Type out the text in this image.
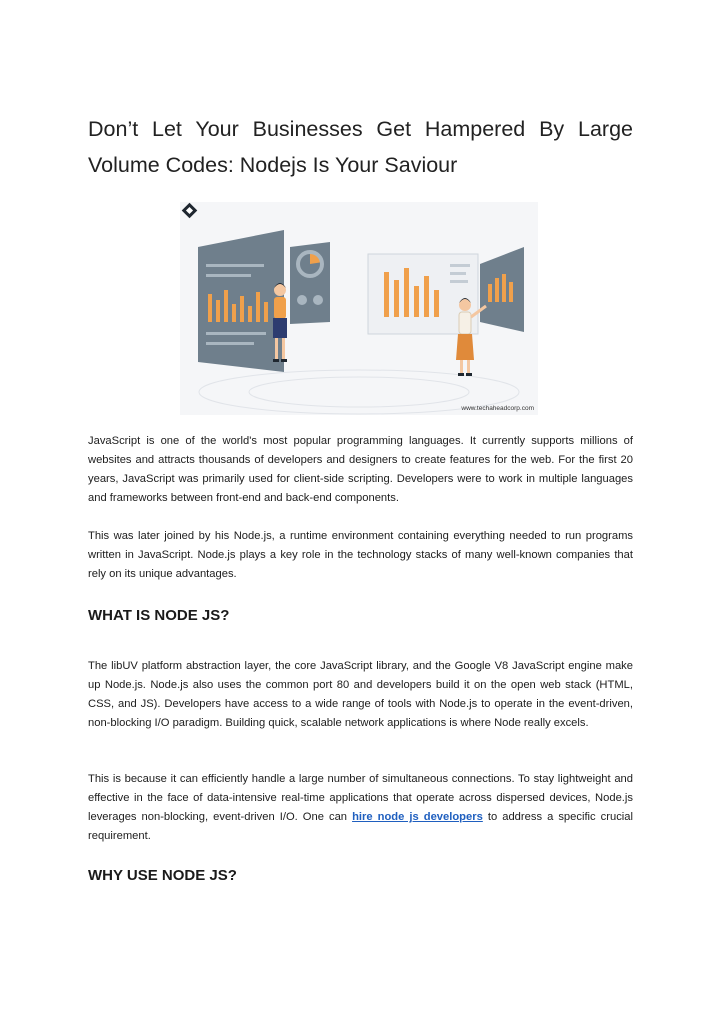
Don’t Let Your Businesses Get Hampered By Large Volume Codes: Nodejs Is Your Saviour
www.techaheadcorp.com

JavaScript is one of the world's most popular programming languages. It currently supports millions of websites and attracts thousands of developers and designers to create features for the web. For the first 20 years, JavaScript was primarily used for client-side scripting. Developers were to work in multiple languages and frameworks between front-end and back-end components.

This was later joined by his Node.js, a runtime environment containing everything needed to run programs written in JavaScript. Node.js plays a key role in the technology stacks of many well-known companies that rely on its unique advantages.

WHAT IS NODE JS?

The libUV platform abstraction layer, the core JavaScript library, and the Google V8 JavaScript engine make up Node.js. Node.js also uses the common port 80 and developers build it on the open web stack (HTML, CSS, and JS). Developers have access to a wide range of tools with Node.js to operate in the event-driven, non-blocking I/O paradigm. Building quick, scalable network applications is where Node really excels.

This is because it can efficiently handle a large number of simultaneous connections. To stay lightweight and effective in the face of data-intensive real-time applications that operate across dispersed devices, Node.js leverages non-blocking, event-driven I/O. One can hire node js developers to address a specific crucial requirement.

WHY USE NODE JS?
